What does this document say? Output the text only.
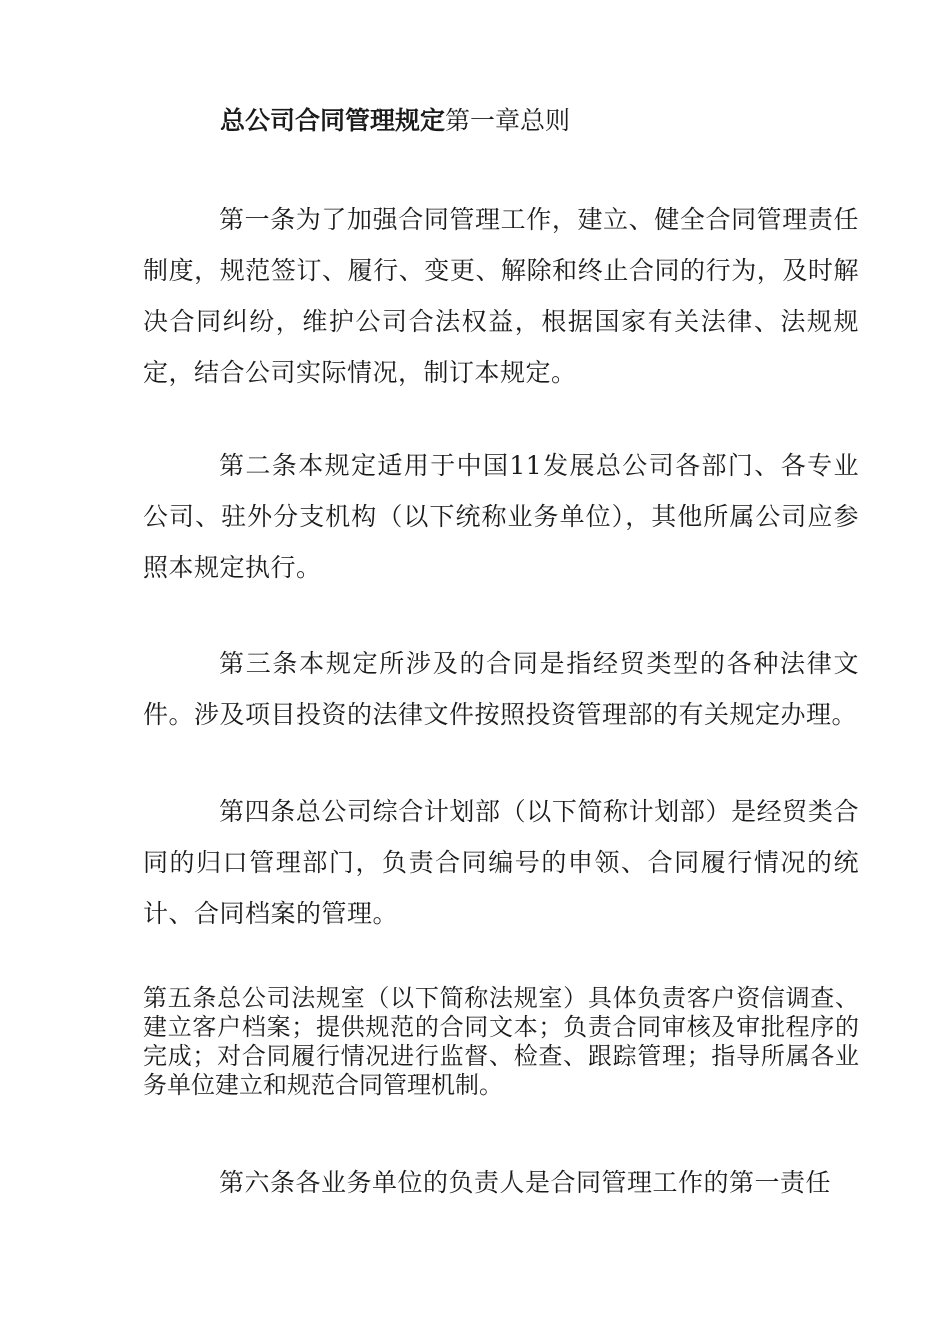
总公司合同管理规定第一章总则

第一条为了加强合同管理工作，建立、健全合同管理责任制度，规范签订、履行、变更、解除和终止合同的行为，及时解决合同纠纷，维护公司合法权益，根据国家有关法律、法规规定，结合公司实际情况，制订本规定。

第二条本规定适用于中国11发展总公司各部门、各专业公司、驻外分支机构（以下统称业务单位），其他所属公司应参照本规定执行。

第三条本规定所涉及的合同是指经贸类型的各种法律文件。涉及项目投资的法律文件按照投资管理部的有关规定办理。

第四条总公司综合计划部（以下简称计划部）是经贸类合同的归口管理部门，负责合同编号的申领、合同履行情况的统计、合同档案的管理。

第五条总公司法规室（以下简称法规室）具体负责客户资信调查、建立客户档案；提供规范的合同文本；负责合同审核及审批程序的完成；对合同履行情况进行监督、检查、跟踪管理；指导所属各业务单位建立和规范合同管理机制。

第六条各业务单位的负责人是合同管理工作的第一责任
